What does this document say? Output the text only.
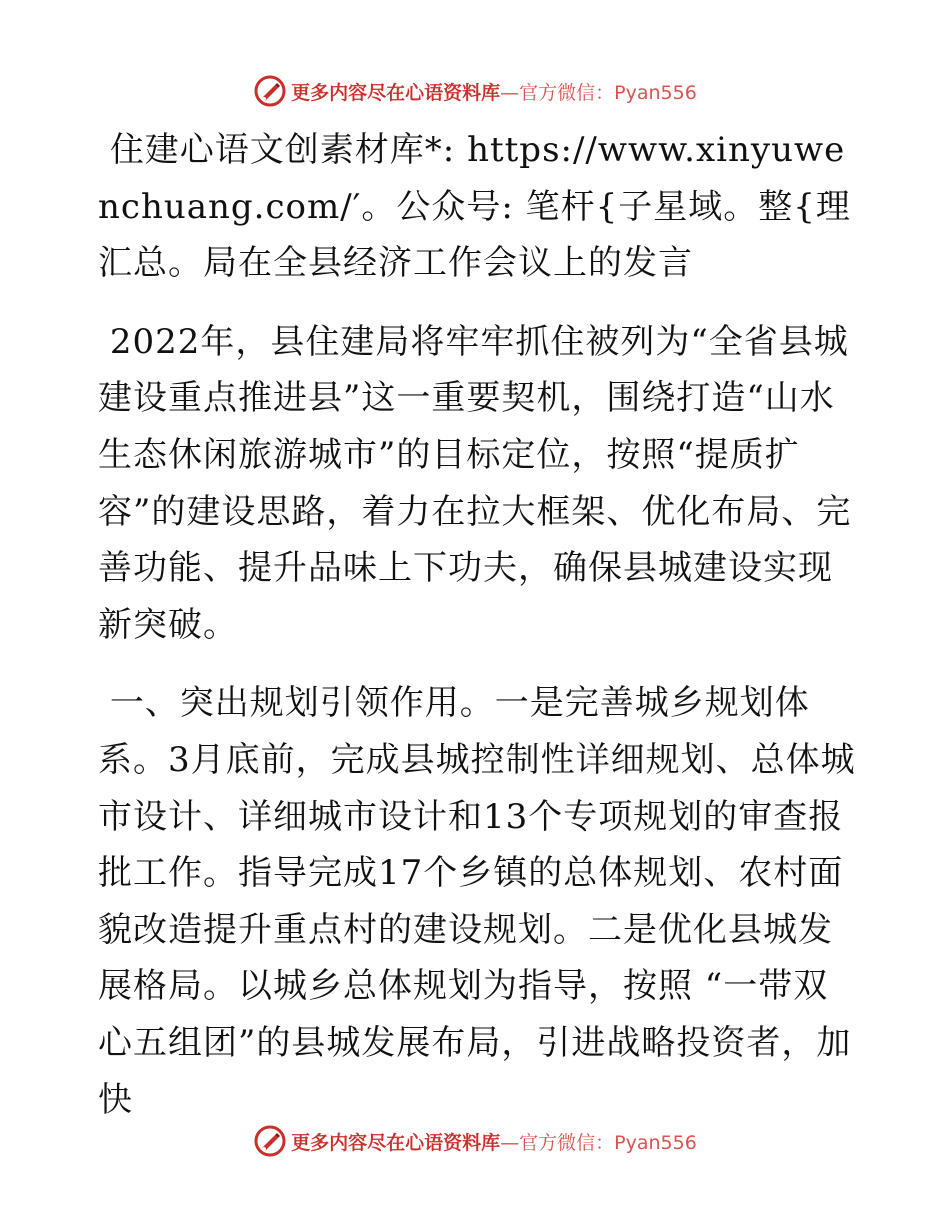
更多内容尽在心语资料库—官方微信：Pyan556

住建心语文创素材库*: https://www.xinyuwenchuang.com/′。公众号: 笔杆{子星域。整{理汇总。局在全县经济工作会议上的发言

2022年，县住建局将牢牢抓住被列为“全省县城建设重点推进县”这一重要契机，围绕打造“山水生态休闲旅游城市”的目标定位，按照“提质扩容”的建设思路，着力在拉大框架、优化布局、完善功能、提升品味上下功夫，确保县城建设实现新突破。

一、突出规划引领作用。一是完善城乡规划体系。3月底前，完成县城控制性详细规划、总体城市设计、详细城市设计和13个专项规划的审查报批工作。指导完成17个乡镇的总体规划、农村面貌改造提升重点村的建设规划。二是优化县城发展格局。以城乡总体规划为指导，按照 “一带双心五组团”的县城发展布局，引进战略投资者，加快

更多内容尽在心语资料库—官方微信：Pyan556
